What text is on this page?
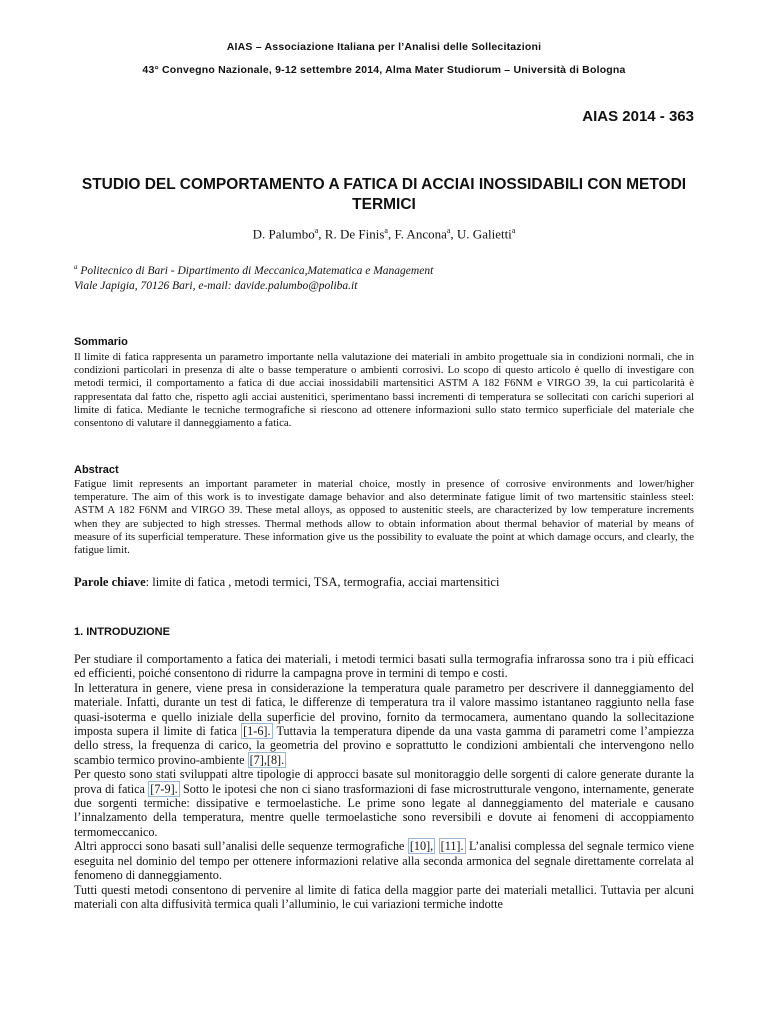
AIAS – Associazione Italiana per l’Analisi delle Sollecitazioni
43° Convegno Nazionale, 9-12 settembre 2014, Alma Mater Studiorum – Università di Bologna
AIAS 2014 - 363
STUDIO DEL COMPORTAMENTO A FATICA DI ACCIAI INOSSIDABILI CON METODI TERMICI
D. Palumbo$^a$, R. De Finis$^a$, F. Ancona$^a$, U. Galietti$^a$
$^a$ Politecnico di Bari - Dipartimento di Meccanica,Matematica e Management
Viale Japigia, 70126 Bari, e-mail: davide.palumbo@poliba.it
Sommario
Il limite di fatica rappresenta un parametro importante nella valutazione dei materiali in ambito progettuale sia in condizioni normali, che in condizioni particolari in presenza di alte o basse temperature o ambienti corrosivi. Lo scopo di questo articolo è quello di investigare con metodi termici, il comportamento a fatica di due acciai inossidabili martensitici ASTM A 182 F6NM e VIRGO 39, la cui particolarità è rappresentata dal fatto che, rispetto agli acciai austenitici, sperimentano bassi incrementi di temperatura se sollecitati con carichi superiori al limite di fatica. Mediante le tecniche termografiche si riescono ad ottenere informazioni sullo stato termico superficiale del materiale che consentono di valutare il danneggiamento a fatica.
Abstract
Fatigue limit represents an important parameter in material choice, mostly in presence of corrosive environments and lower/higher temperature. The aim of this work is to investigate damage behavior and also determinate fatigue limit of two martensitic stainless steel: ASTM A 182 F6NM and VIRGO 39. These metal alloys, as opposed to austenitic steels, are characterized by low temperature increments when they are subjected to high stresses. Thermal methods allow to obtain information about thermal behavior of material by means of measure of its superficial temperature. These information give us the possibility to evaluate the point at which damage occurs, and clearly, the fatigue limit.
Parole chiave: limite di fatica , metodi termici, TSA, termografia, acciai martensitici
1. INTRODUZIONE

Per studiare il comportamento a fatica dei materiali, i metodi termici basati sulla termografia infrarossa sono tra i più efficaci ed efficienti, poiché consentono di ridurre la campagna prove in termini di tempo e costi.

In letteratura in genere, viene presa in considerazione la temperatura quale parametro per descrivere il danneggiamento del materiale. Infatti, durante un test di fatica, le differenze di temperatura tra il valore massimo istantaneo raggiunto nella fase quasi-isoterma e quello iniziale della superficie del provino, fornito da termocamera, aumentano quando la sollecitazione imposta supera il limite di fatica [1-6]. Tuttavia la temperatura dipende da una vasta gamma di parametri come l’ampiezza dello stress, la frequenza di carico, la geometria del provino e soprattutto le condizioni ambientali che intervengono nello scambio termico provino-ambiente [7],[8].

Per questo sono stati sviluppati altre tipologie di approcci basate sul monitoraggio delle sorgenti di calore generate durante la prova di fatica [7-9]. Sotto le ipotesi che non ci siano trasformazioni di fase microstrutturale vengono, internamente, generate due sorgenti termiche: dissipative e termoelastiche. Le prime sono legate al danneggiamento del materiale e causano l’innalzamento della temperatura, mentre quelle termoelastiche sono reversibili e dovute ai fenomeni di accoppiamento termomeccanico.

Altri approcci sono basati sull’analisi delle sequenze termografiche [10], [11]. L’analisi complessa del segnale termico viene eseguita nel dominio del tempo per ottenere informazioni relative alla seconda armonica del segnale direttamente correlata al fenomeno di danneggiamento.

Tutti questi metodi consentono di pervenire al limite di fatica della maggior parte dei materiali metallici. Tuttavia per alcuni materiali con alta diffusività termica quali l’alluminio, le cui variazioni termiche indotte
